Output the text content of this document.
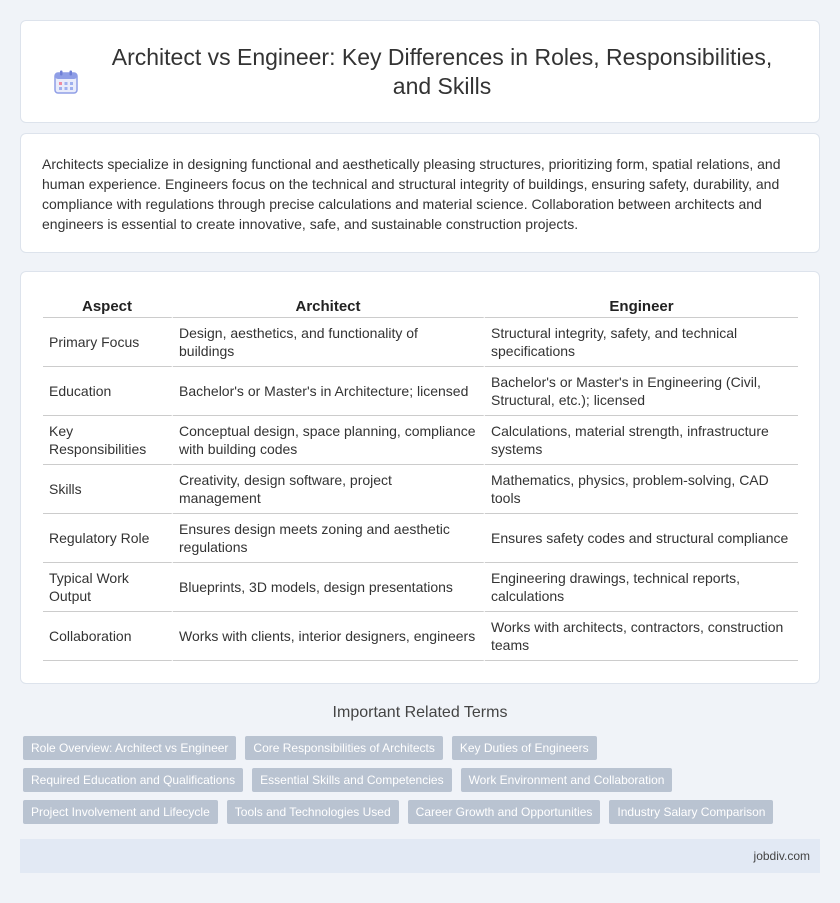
Architect vs Engineer: Key Differences in Roles, Responsibilities, and Skills

Architects specialize in designing functional and aesthetically pleasing structures, prioritizing form, spatial relations, and human experience. Engineers focus on the technical and structural integrity of buildings, ensuring safety, durability, and compliance with regulations through precise calculations and material science. Collaboration between architects and engineers is essential to create innovative, safe, and sustainable construction projects.

Aspect	Architect	Engineer
Primary Focus	Design, aesthetics, and functionality of buildings	Structural integrity, safety, and technical specifications
Education	Bachelor's or Master's in Architecture; licensed	Bachelor's or Master's in Engineering (Civil, Structural, etc.); licensed
Key Responsibilities	Conceptual design, space planning, compliance with building codes	Calculations, material strength, infrastructure systems
Skills	Creativity, design software, project management	Mathematics, physics, problem-solving, CAD tools
Regulatory Role	Ensures design meets zoning and aesthetic regulations	Ensures safety codes and structural compliance
Typical Work Output	Blueprints, 3D models, design presentations	Engineering drawings, technical reports, calculations
Collaboration	Works with clients, interior designers, engineers	Works with architects, contractors, construction teams
Important Related Terms
Role Overview: Architect vs Engineer	Core Responsibilities of Architects	Key Duties of Engineers
Required Education and Qualifications	Essential Skills and Competencies	Work Environment and Collaboration
Project Involvement and Lifecycle	Tools and Technologies Used	Career Growth and Opportunities	Industry Salary Comparison
jobdiv.com
